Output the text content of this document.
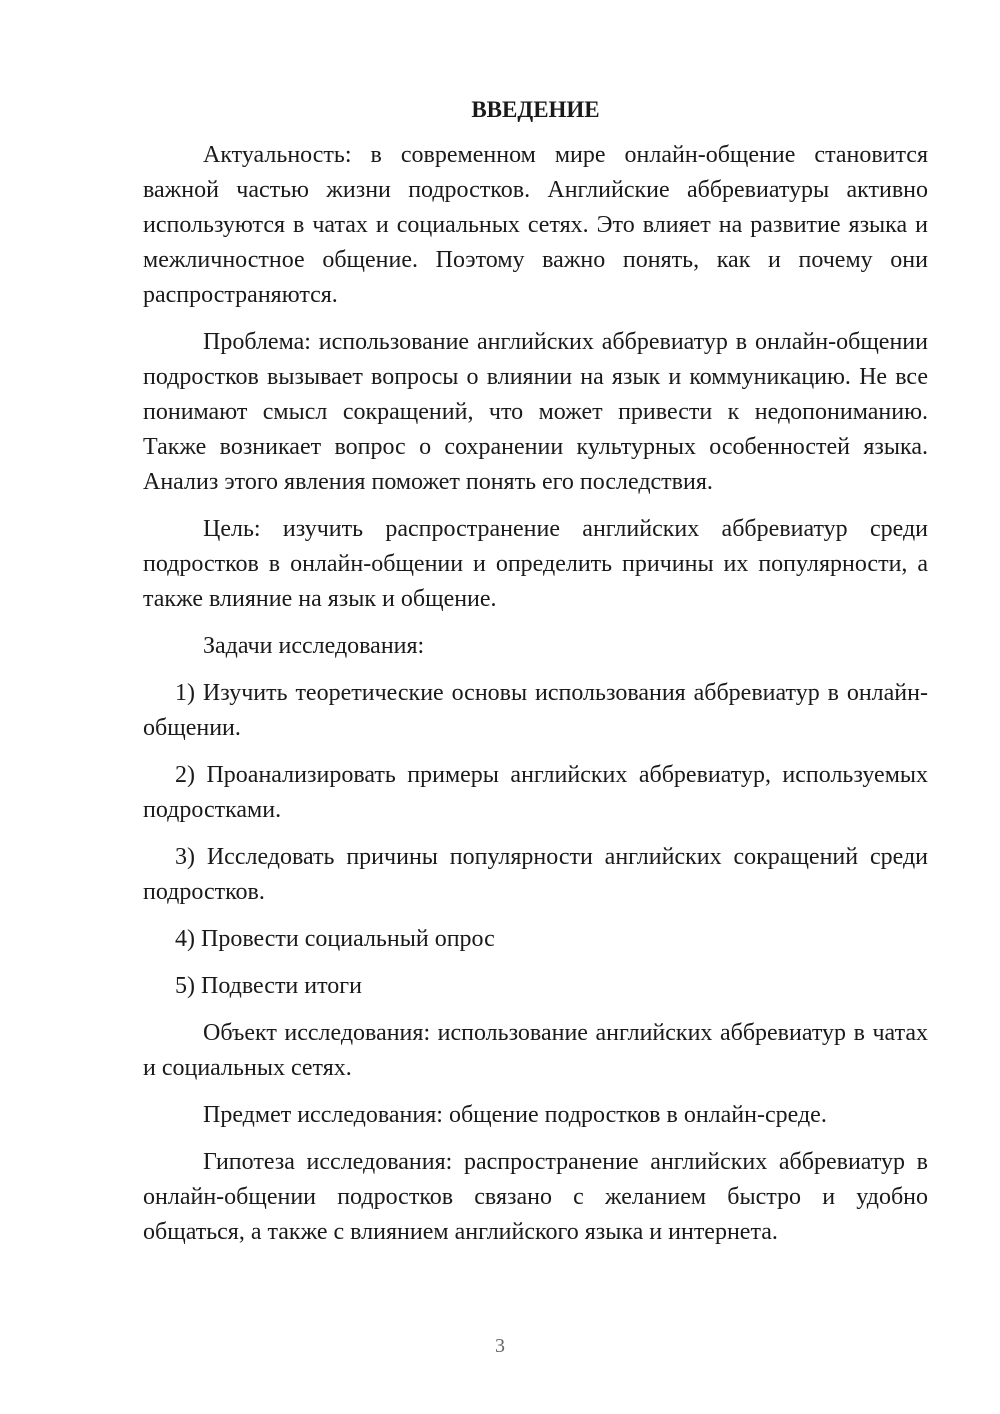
ВВЕДЕНИЕ

Актуальность: в современном мире онлайн-общение становится важной частью жизни подростков. Английские аббревиатуры активно используются в чатах и социальных сетях. Это влияет на развитие языка и межличностное общение. Поэтому важно понять, как и почему они распространяются.

Проблема: использование английских аббревиатур в онлайн-общении подростков вызывает вопросы о влиянии на язык и коммуникацию. Не все понимают смысл сокращений, что может привести к недопониманию. Также возникает вопрос о сохранении культурных особенностей языка. Анализ этого явления поможет понять его последствия.

Цель: изучить распространение английских аббревиатур среди подростков в онлайн-общении и определить причины их популярности, а также влияние на язык и общение.

Задачи исследования:

1) Изучить теоретические основы использования аббревиатур в онлайн-общении.

2) Проанализировать примеры английских аббревиатур, используемых подростками.

3) Исследовать причины популярности английских сокращений среди подростков.

4) Провести социальный опрос

5) Подвести итоги

Объект исследования: использование английских аббревиатур в чатах и социальных сетях.

Предмет исследования: общение подростков в онлайн-среде.

Гипотеза исследования: распространение английских аббревиатур в онлайн-общении подростков связано с желанием быстро и удобно общаться, а также с влиянием английского языка и интернета.

3
